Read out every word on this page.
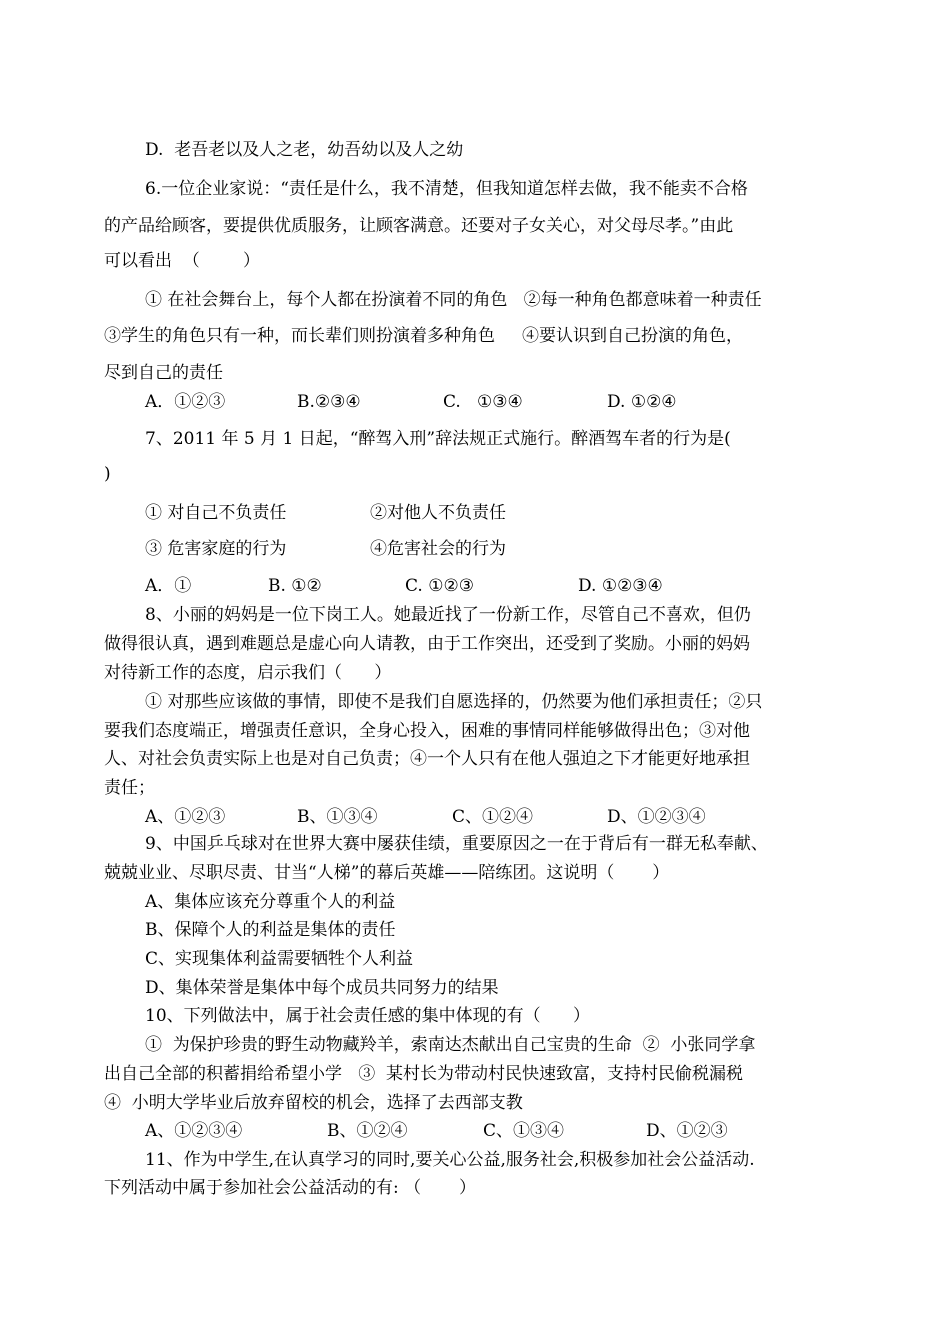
D.  老吾老以及人之老，幼吾幼以及人之幼
6.一位企业家说：“责任是什么，我不清楚，但我知道怎样去做，我不能卖不合格
的产品给顾客，要提供优质服务，让顾客满意。还要对子女关心，对父母尽孝。”由此
可以看出  （        ）
① 在社会舞台上，每个人都在扮演着不同的角色   ②每一种角色都意味着一种责任
③学生的角色只有一种，而长辈们则扮演着多种角色     ④要认识到自己扮演的角色，
尽到自己的责任
A．①②③	B.②③④	C.   ①③④	D. ①②④
7、2011 年 5 月 1 日起，“醉驾入刑”辞法规正式施行。醉酒驾车者的行为是(
)
① 对自己不负责任	②对他人不负责任
③ 危害家庭的行为	④危害社会的行为
A．①	B. ①②	C. ①②③	D. ①②③④
8、小丽的妈妈是一位下岗工人。她最近找了一份新工作，尽管自己不喜欢，但仍
做得很认真，遇到难题总是虚心向人请教，由于工作突出，还受到了奖励。小丽的妈妈
对待新工作的态度，启示我们（      ）
① 对那些应该做的事情，即使不是我们自愿选择的，仍然要为他们承担责任；②只
要我们态度端正，增强责任意识，全身心投入，困难的事情同样能够做得出色；③对他
人、对社会负责实际上也是对自己负责；④一个人只有在他人强迫之下才能更好地承担
责任；
A、①②③	B、①③④	C、①②④	D、①②③④
9、中国乒乓球对在世界大赛中屡获佳绩，重要原因之一在于背后有一群无私奉献、
兢兢业业、尽职尽责、甘当“人梯”的幕后英雄——陪练团。这说明（       ）
A、集体应该充分尊重个人的利益
B、保障个人的利益是集体的责任
C、实现集体利益需要牺牲个人利益
D、集体荣誉是集体中每个成员共同努力的结果
10、下列做法中，属于社会责任感的集中体现的有（      ）
①  为保护珍贵的野生动物藏羚羊，索南达杰献出自己宝贵的生命  ②  小张同学拿
出自己全部的积蓄捐给希望小学   ③  某村长为带动村民快速致富，支持村民偷税漏税
④  小明大学毕业后放弃留校的机会，选择了去西部支教
A、①②③④	B、①②④	C、①③④	D、①②③
11、作为中学生,在认真学习的同时,要关心公益,服务社会,积极参加社会公益活动.
下列活动中属于参加社会公益活动的有: （       ）
